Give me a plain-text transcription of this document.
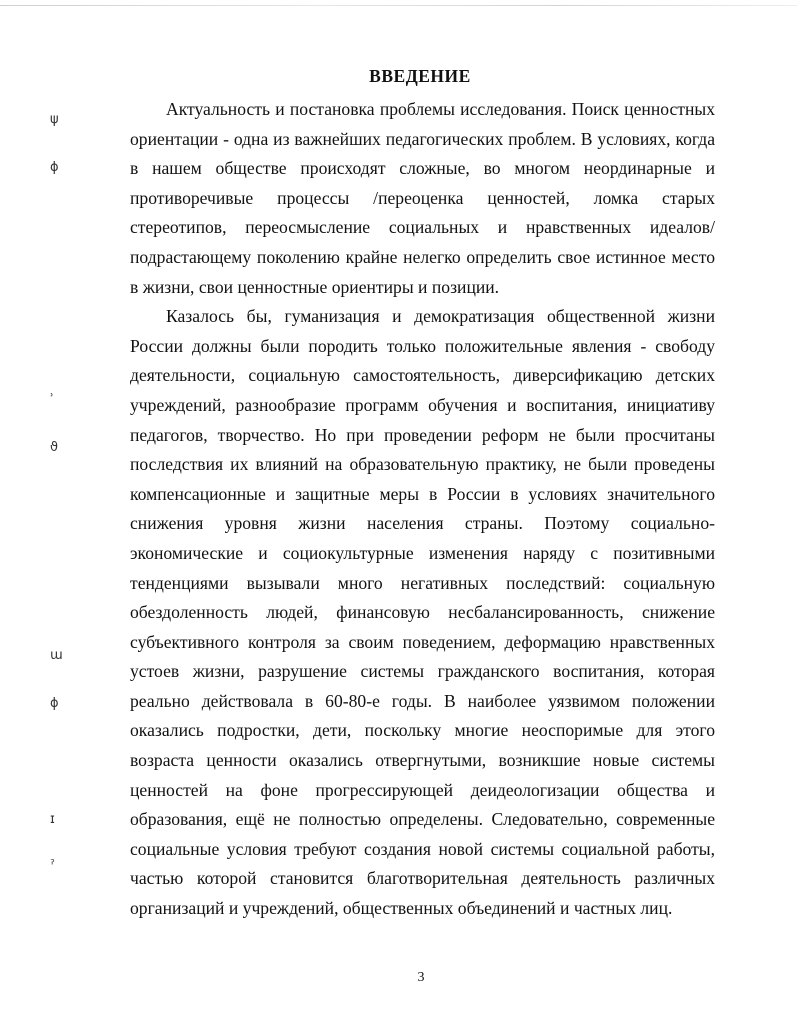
ψ
ϕ
ʾ
ϑ
ɯ
ϕ
ɪ
ˀ
ВВЕДЕНИЕ

Актуальность и постановка проблемы исследования. Поиск ценностных ориентации - одна из важнейших педагогических проблем. В условиях, когда в нашем обществе происходят сложные, во многом неординарные и противоречивые процессы /переоценка ценностей, ломка старых стереотипов, переосмысление социальных и нравственных идеалов/ подрастающему поколению крайне нелегко определить свое истинное место в жизни, свои ценностные ориентиры и позиции.

Казалось бы, гуманизация и демократизация общественной жизни России должны были породить только положительные явления - свободу деятельности, социальную самостоятельность, диверсификацию детских учреждений, разнообразие программ обучения и воспитания, инициативу педагогов, творчество. Но при проведении реформ не были просчитаны последствия их влияний на образовательную практику, не были проведены компенсационные и защитные меры в России в условиях значительного снижения уровня жизни населения страны. Поэтому социально-экономические и социокультурные изменения наряду с позитивными тенденциями вызывали много негативных последствий: социальную обездоленность людей, финансовую несбалансированность, снижение субъективного контроля за своим поведением, деформацию нравственных устоев жизни, разрушение системы гражданского воспитания, которая реально действовала в 60-80-е годы. В наиболее уязвимом положении оказались подростки, дети, поскольку многие неоспоримые для этого возраста ценности оказались отвергнутыми, возникшие новые системы ценностей на фоне прогрессирующей деидеологизации общества и образования, ещё не полностью определены. Следовательно, современные социальные условия требуют создания новой системы социальной работы, частью которой становится благотворительная деятельность различных организаций и учреждений, общественных объединений и частных лиц.

3
